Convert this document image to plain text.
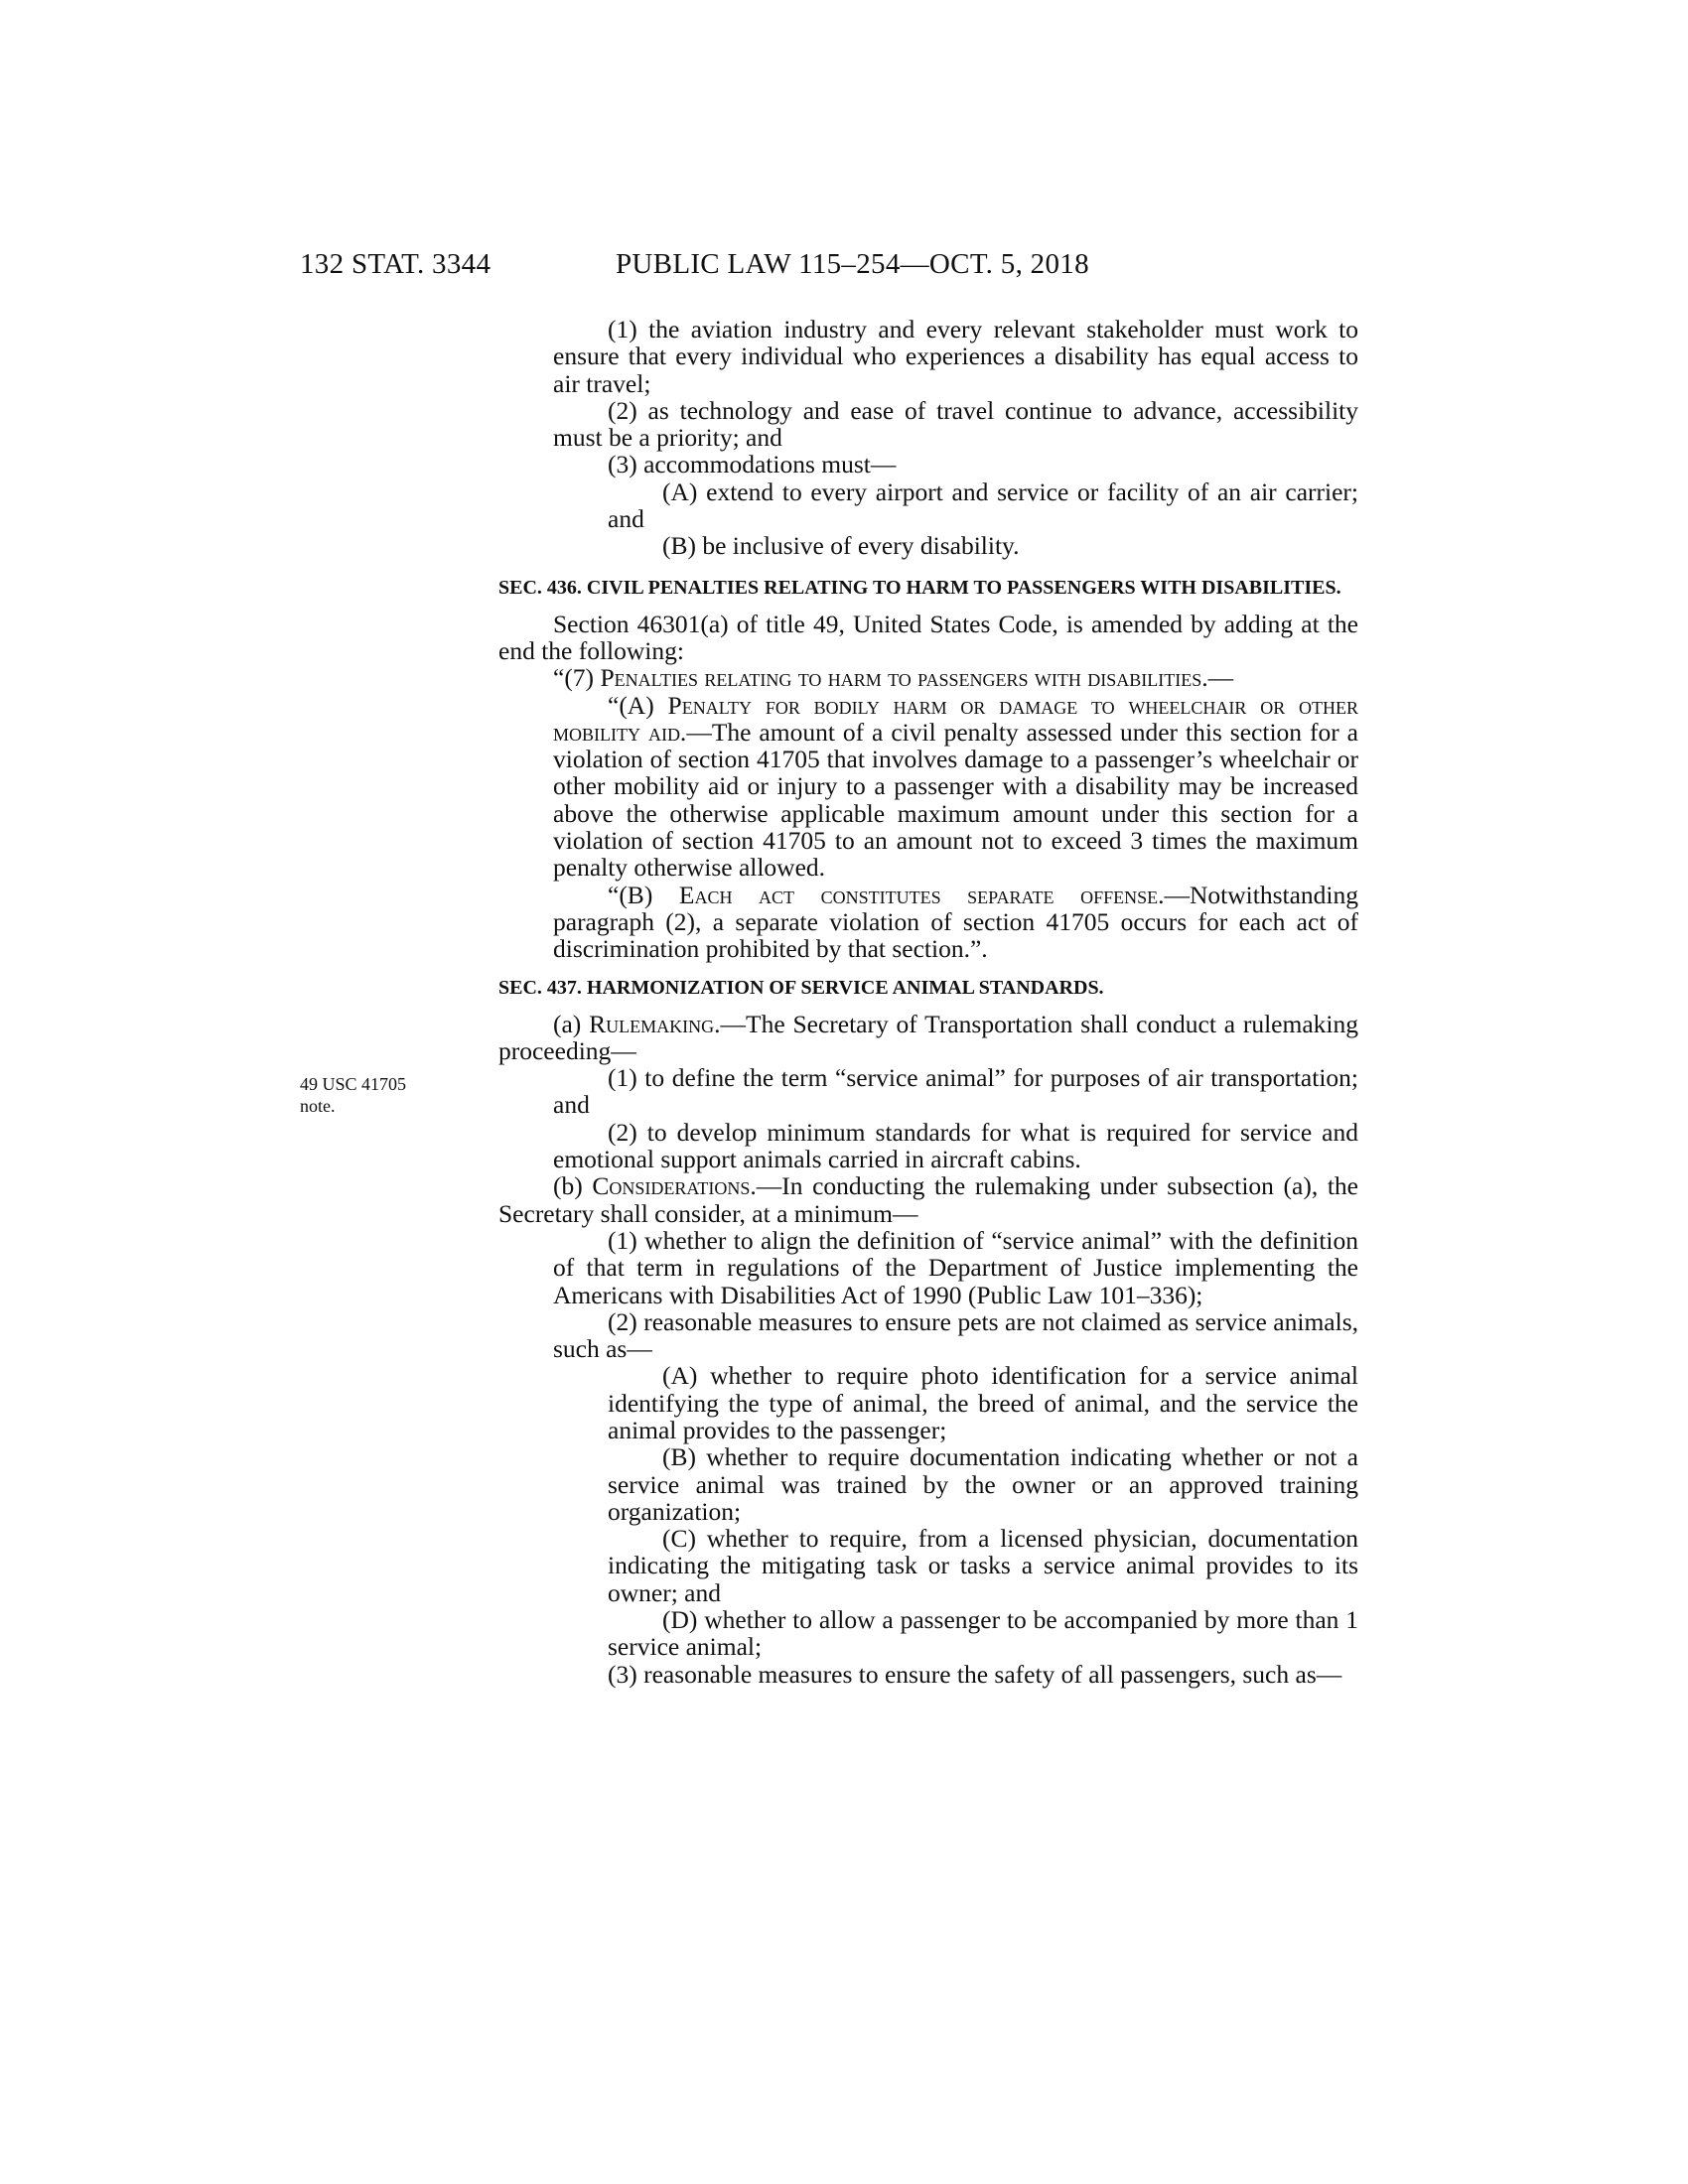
132 STAT. 3344	PUBLIC LAW 115–254—OCT. 5, 2018
49 USC 41705
note.

(1) the aviation industry and every relevant stakeholder must work to ensure that every individual who experiences a disability has equal access to air travel;

(2) as technology and ease of travel continue to advance, accessibility must be a priority; and

(3) accommodations must—

(A) extend to every airport and service or facility of an air carrier; and

(B) be inclusive of every disability.

SEC. 436. CIVIL PENALTIES RELATING TO HARM TO PASSENGERS WITH DISABILITIES.

Section 46301(a) of title 49, United States Code, is amended by adding at the end the following:

“(7) Penalties relating to harm to passengers with disabilities.—

“(A) Penalty for bodily harm or damage to wheelchair or other mobility aid.—The amount of a civil penalty assessed under this section for a violation of section 41705 that involves damage to a passenger’s wheelchair or other mobility aid or injury to a passenger with a disability may be increased above the otherwise applicable maximum amount under this section for a violation of section 41705 to an amount not to exceed 3 times the maximum penalty otherwise allowed.

“(B) Each act constitutes separate offense.—Notwithstanding paragraph (2), a separate violation of section 41705 occurs for each act of discrimination prohibited by that section.”.

SEC. 437. HARMONIZATION OF SERVICE ANIMAL STANDARDS.

(a) Rulemaking.—The Secretary of Transportation shall conduct a rulemaking proceeding—

(1) to define the term “service animal” for purposes of air transportation; and

(2) to develop minimum standards for what is required for service and emotional support animals carried in aircraft cabins.

(b) Considerations.—In conducting the rulemaking under subsection (a), the Secretary shall consider, at a minimum—

(1) whether to align the definition of “service animal” with the definition of that term in regulations of the Department of Justice implementing the Americans with Disabilities Act of 1990 (Public Law 101–336);

(2) reasonable measures to ensure pets are not claimed as service animals, such as—

(A) whether to require photo identification for a service animal identifying the type of animal, the breed of animal, and the service the animal provides to the passenger;

(B) whether to require documentation indicating whether or not a service animal was trained by the owner or an approved training organization;

(C) whether to require, from a licensed physician, documentation indicating the mitigating task or tasks a service animal provides to its owner; and

(D) whether to allow a passenger to be accompanied by more than 1 service animal;

(3) reasonable measures to ensure the safety of all passengers, such as—
